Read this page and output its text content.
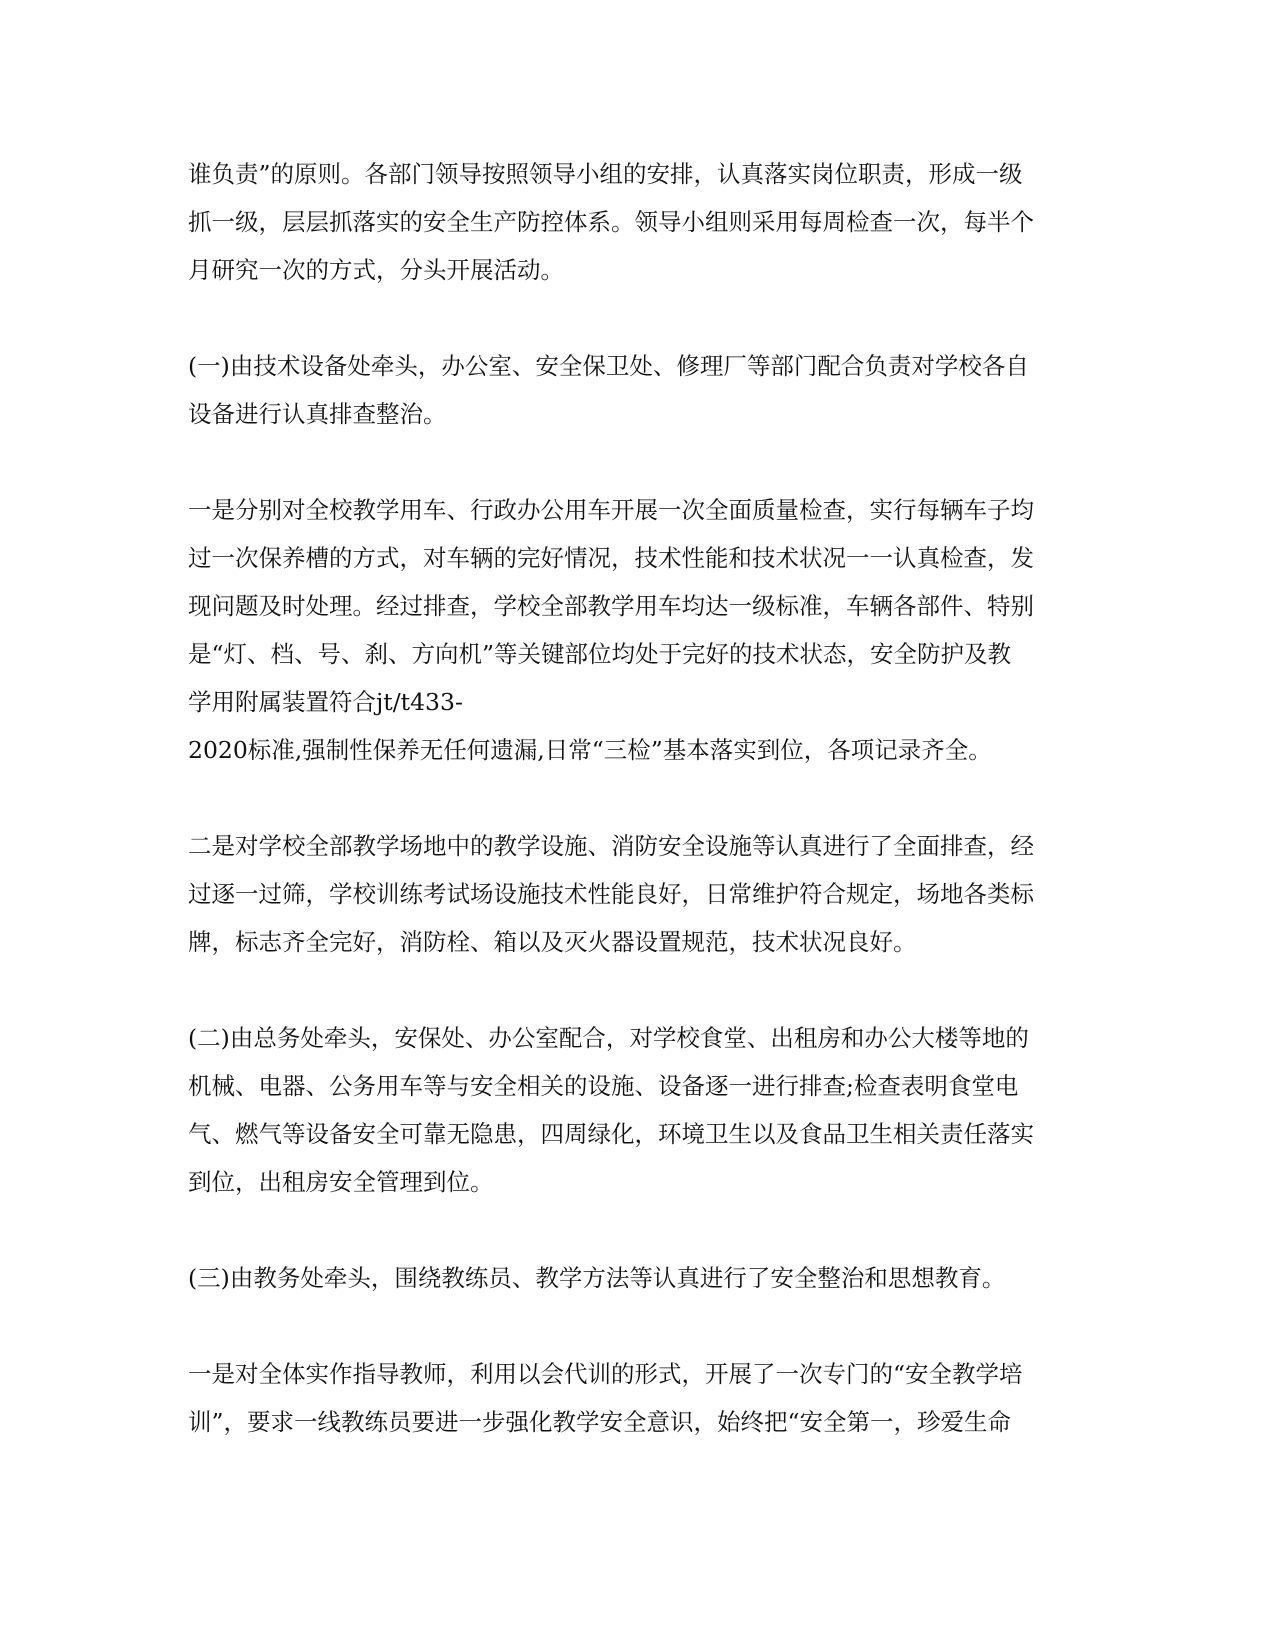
谁负责”的原则。各部门领导按照领导小组的安排，认真落实岗位职责，形成一级
抓一级，层层抓落实的安全生产防控体系。领导小组则采用每周检查一次，每半个
月研究一次的方式，分头开展活动。

(一)由技术设备处牵头，办公室、安全保卫处、修理厂等部门配合负责对学校各自
设备进行认真排查整治。

一是分别对全校教学用车、行政办公用车开展一次全面质量检查，实行每辆车子均
过一次保养槽的方式，对车辆的完好情况，技术性能和技术状况一一认真检查，发
现问题及时处理。经过排查，学校全部教学用车均达一级标准，车辆各部件、特别
是“灯、档、号、刹、方向机”等关键部位均处于完好的技术状态，安全防护及教
学用附属装置符合jt/t433-
2020标准,强制性保养无任何遗漏,日常“三检”基本落实到位，各项记录齐全。

二是对学校全部教学场地中的教学设施、消防安全设施等认真进行了全面排查，经
过逐一过筛，学校训练考试场设施技术性能良好，日常维护符合规定，场地各类标
牌，标志齐全完好，消防栓、箱以及灭火器设置规范，技术状况良好。

(二)由总务处牵头，安保处、办公室配合，对学校食堂、出租房和办公大楼等地的
机械、电器、公务用车等与安全相关的设施、设备逐一进行排查;检查表明食堂电
气、燃气等设备安全可靠无隐患，四周绿化，环境卫生以及食品卫生相关责任落实
到位，出租房安全管理到位。

(三)由教务处牵头，围绕教练员、教学方法等认真进行了安全整治和思想教育。

一是对全体实作指导教师，利用以会代训的形式，开展了一次专门的“安全教学培
训”，要求一线教练员要进一步强化教学安全意识，始终把“安全第一，珍爱生命
